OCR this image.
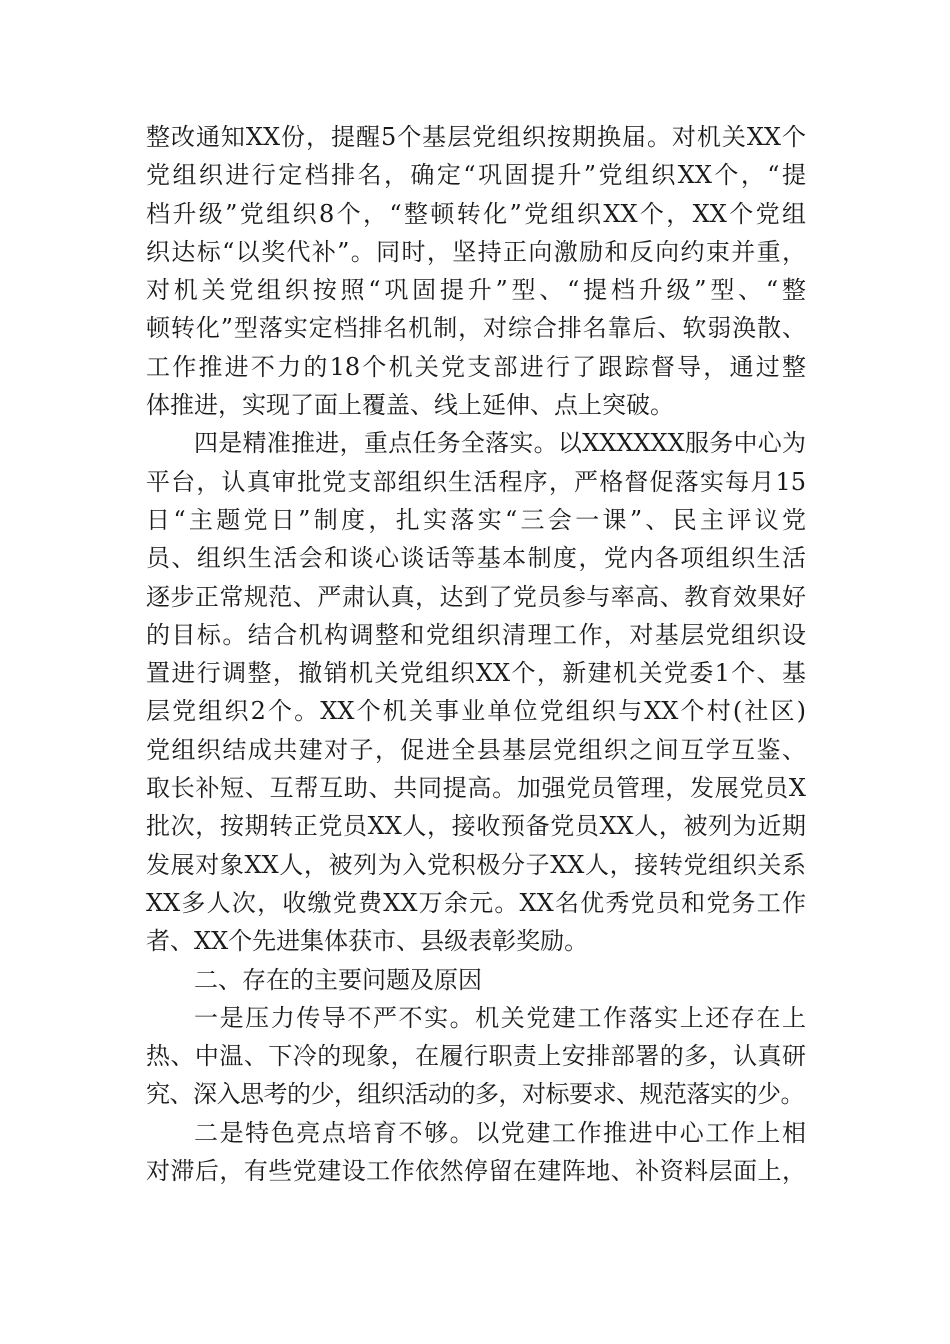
整改通知XX份，提醒5个基层党组织按期换届。对机关XX个
党组织进行定档排名，确定“巩固提升”党组织XX个，“提
档升级”党组织8个，“整顿转化”党组织XX个，XX个党组
织达标“以奖代补”。同时，坚持正向激励和反向约束并重，
对机关党组织按照“巩固提升”型、“提档升级”型、“整
顿转化”型落实定档排名机制，对综合排名靠后、软弱涣散、
工作推进不力的18个机关党支部进行了跟踪督导，通过整
体推进，实现了面上覆盖、线上延伸、点上突破。
四是精准推进，重点任务全落实。以XXXXXX服务中心为
平台，认真审批党支部组织生活程序，严格督促落实每月15
日“主题党日”制度，扎实落实“三会一课”、民主评议党
员、组织生活会和谈心谈话等基本制度，党内各项组织生活
逐步正常规范、严肃认真，达到了党员参与率高、教育效果好
的目标。结合机构调整和党组织清理工作，对基层党组织设
置进行调整，撤销机关党组织XX个，新建机关党委1个、基
层党组织2个。XX个机关事业单位党组织与XX个村(社区)
党组织结成共建对子，促进全县基层党组织之间互学互鉴、
取长补短、互帮互助、共同提高。加强党员管理，发展党员X
批次，按期转正党员XX人，接收预备党员XX人，被列为近期
发展对象XX人，被列为入党积极分子XX人，接转党组织关系
XX多人次，收缴党费XX万余元。XX名优秀党员和党务工作
者、XX个先进集体获市、县级表彰奖励。
二、存在的主要问题及原因
一是压力传导不严不实。机关党建工作落实上还存在上
热、中温、下冷的现象，在履行职责上安排部署的多，认真研
究、深入思考的少，组织活动的多，对标要求、规范落实的少。
二是特色亮点培育不够。以党建工作推进中心工作上相
对滞后，有些党建设工作依然停留在建阵地、补资料层面上，
